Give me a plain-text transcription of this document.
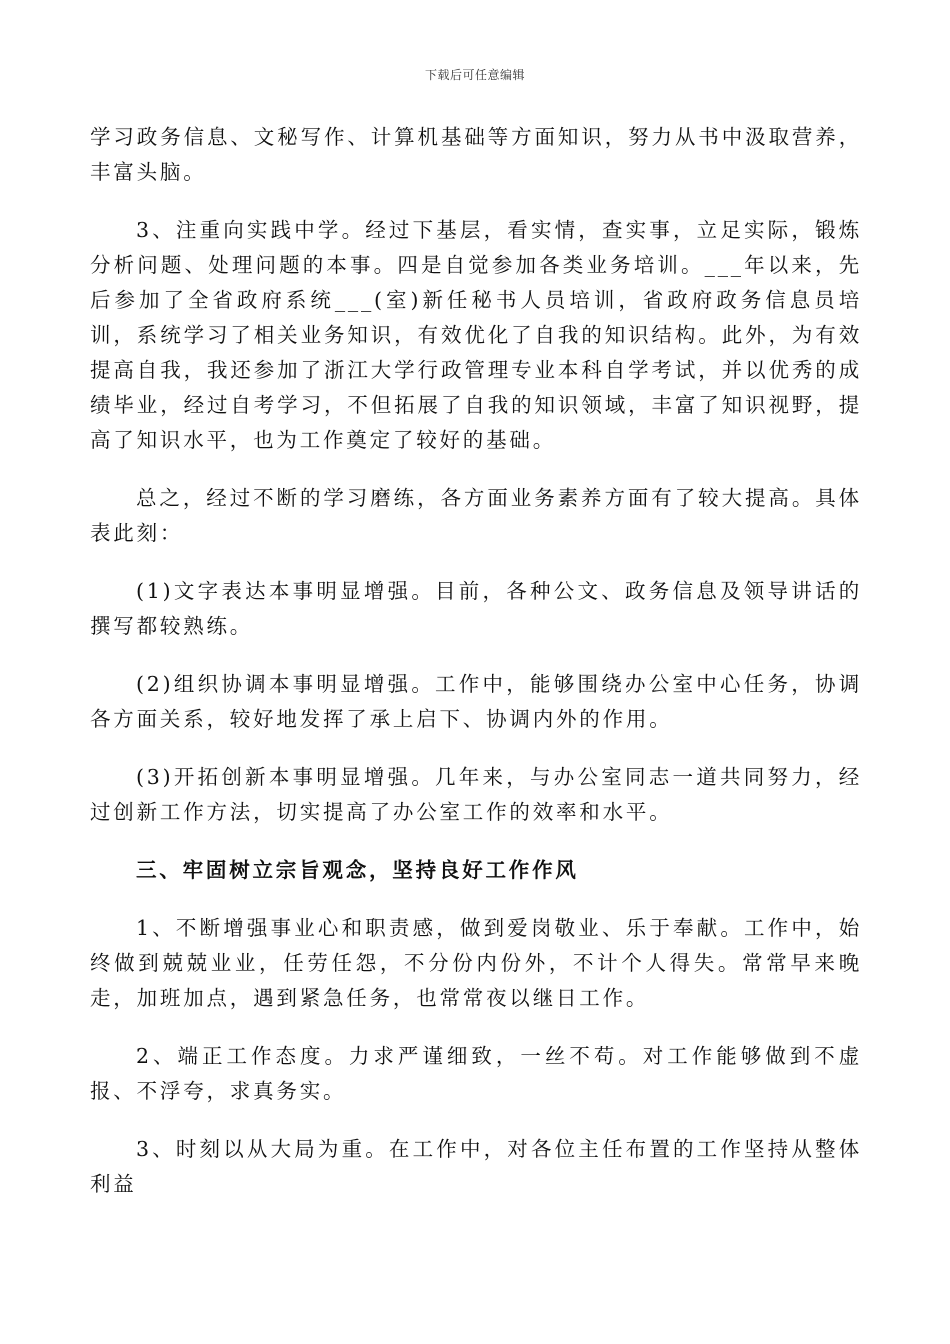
下载后可任意编辑

学习政务信息、文秘写作、计算机基础等方面知识，努力从书中汲取营养，丰富头脑。

3、注重向实践中学。经过下基层，看实情，查实事，立足实际，锻炼分析问题、处理问题的本事。四是自觉参加各类业务培训。___年以来，先后参加了全省政府系统___(室)新任秘书人员培训，省政府政务信息员培训，系统学习了相关业务知识，有效优化了自我的知识结构。此外，为有效提高自我，我还参加了浙江大学行政管理专业本科自学考试，并以优秀的成绩毕业，经过自考学习，不但拓展了自我的知识领域，丰富了知识视野，提高了知识水平，也为工作奠定了较好的基础。

总之，经过不断的学习磨练，各方面业务素养方面有了较大提高。具体表此刻：

(1)文字表达本事明显增强。目前，各种公文、政务信息及领导讲话的撰写都较熟练。

(2)组织协调本事明显增强。工作中，能够围绕办公室中心任务，协调各方面关系，较好地发挥了承上启下、协调内外的作用。

(3)开拓创新本事明显增强。几年来，与办公室同志一道共同努力，经过创新工作方法，切实提高了办公室工作的效率和水平。

三、牢固树立宗旨观念，坚持良好工作作风

1、不断增强事业心和职责感，做到爱岗敬业、乐于奉献。工作中，始终做到兢兢业业，任劳任怨，不分份内份外，不计个人得失。常常早来晚走，加班加点，遇到紧急任务，也常常夜以继日工作。

2、端正工作态度。力求严谨细致，一丝不苟。对工作能够做到不虚报、不浮夸，求真务实。

3、时刻以从大局为重。在工作中，对各位主任布置的工作坚持从整体利益
